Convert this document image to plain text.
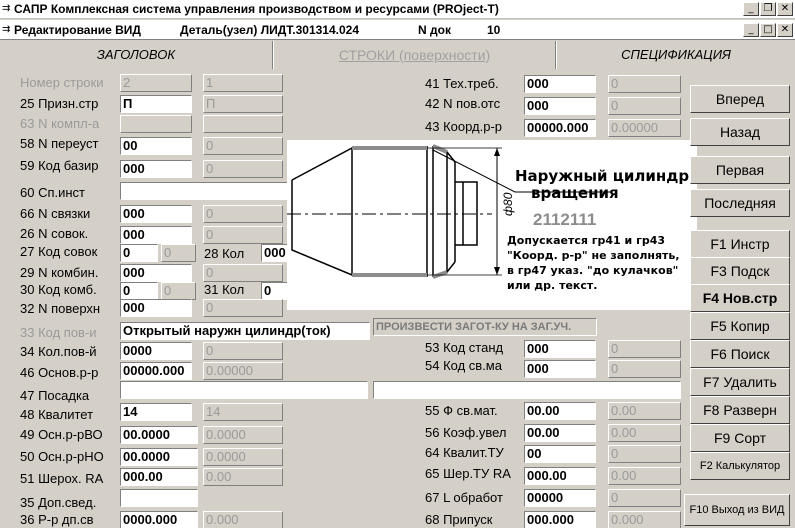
⇉ САПР Комплексная система управления производством и ресурсами (PROject-T)	_	❐ ✕
⇉ Редактирование ВИД	Деталь(узел) ЛИДТ.301314.024	N док	10	_ □ ✕
ЗАГОЛОВОК	СТРОКИ (поверхности)	СПЕЦИФИКАЦИЯ
Номер строки 2	1
25 Призн.стр П	П
63 N компл-а
58 N переуст 00	0
59 Код базир 000	0
60 Сп.инст
66 N связки	000	0
26 N совок.	000	0
27 Код совок 0	0	28 Кол 000
29 N комбин. 000	0
30 Код комб. 0	0	31 Кол 0
32 N поверхн 000	0
33 Код пов-и Открытый наружн цилиндр(ток)	ПРОИЗВЕСТИ ЗАГОТ-КУ НА ЗАГ.УЧ.
34 Кол.пов-й 0000	0
46 Основ.р-р 00000.000	0.00000
47 Посадка
48 Квалитет 14	14
49 Осн.р-рВО 00.0000	0.0000
50 Осн.р-рНО 00.0000	0.0000
51 Шерох. RA 000.00	0.00
35 Доп.свед.
36 Р-р дп.св 0000.000	0.000
41 Тех.треб. 000	0
42 N пов.отс 000	0
43 Коорд.р-р 00000.000	0.00000
53 Код станд 000	0
54 Код св.ма 000	0
55 Ф св.мат. 00.00	0.00
56 Коэф.увел 00.00	0.00
64 Квалит.ТУ 00	0
65 Шер.ТУ RA 000.00	0.00
67 L обработ 00000	0
68 Припуск	000.000	0.000
Наружный цилиндр
вращения
2112111
ф80
Допускается гр41 и гр43
"Коорд. р-р" не заполнять,
в гр47 указ. "до кулачков"
или др. текст.
Вперед
Назад
Первая
Последняя
F1 Инстр
F3 Подск
F4 Нов.стр
F5 Копир
F6 Поиск
F7 Удалить
F8 Разверн
F9 Сорт
F2 Калькулятор
F10 Выход из ВИД
